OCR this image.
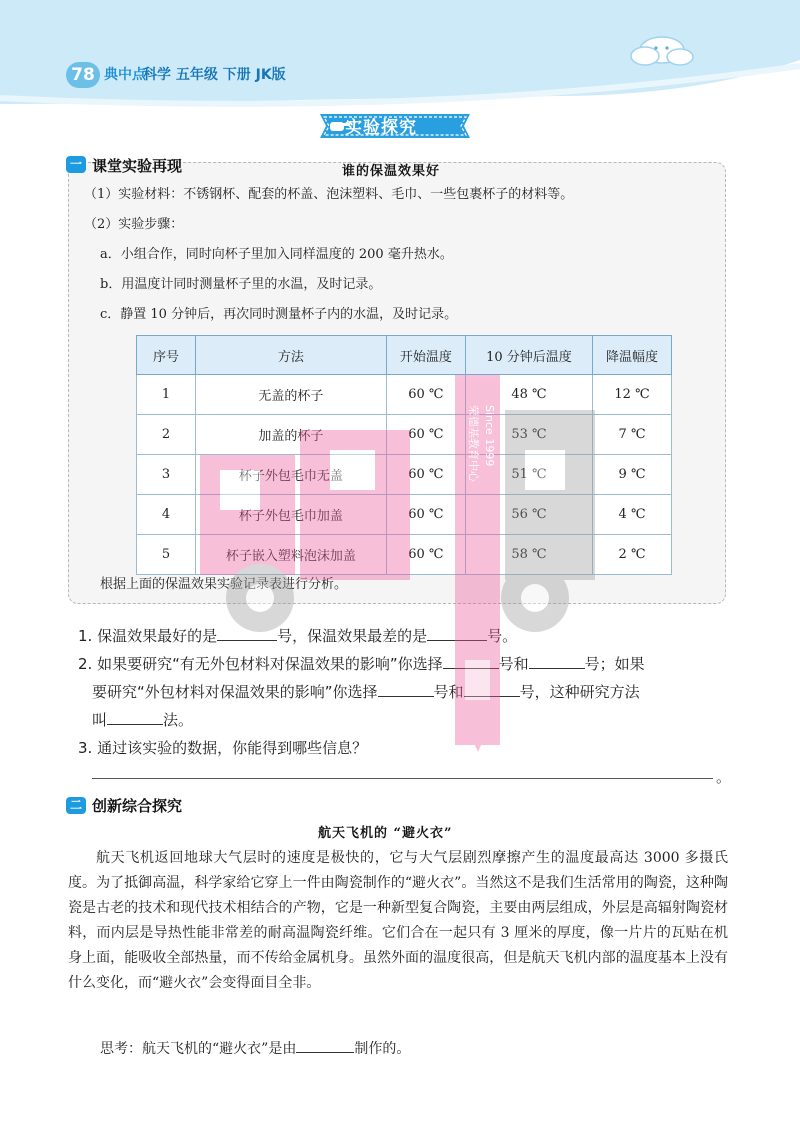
78 典中点
科学 五年级 下册 JK版
实验探究
一 课堂实验再现	谁的保温效果好
（1）实验材料：不锈钢杯、配套的杯盖、泡沫塑料、毛巾、一些包裹杯子的材料等。
（2）实验步骤：
a．小组合作，同时向杯子里加入同样温度的 200 毫升热水。
b．用温度计同时测量杯子里的水温，及时记录。
c．静置 10 分钟后，再次同时测量杯子内的水温，及时记录。
序号	方法	开始温度	10 分钟后温度	降温幅度
1	无盖的杯子	60 ℃	48 ℃	12 ℃
2	加盖的杯子	60 ℃	53 ℃	7 ℃
3	杯子外包毛巾无盖	60 ℃	51 ℃	9 ℃
4	杯子外包毛巾加盖	60 ℃	56 ℃	4 ℃
5	杯子嵌入塑料泡沫加盖	60 ℃	58 ℃	2 ℃
根据上面的保温效果实验记录表进行分析。
1. 保温效果最好的是	号，保温效果最差的是	号。
2. 如果要研究“有无外包材料对保温效果的影响”你选择	号和	号；如果
要研究“外包材料对保温效果的影响”你选择	号和	号，这种研究方法
叫	法。
3. 通过该实验的数据，你能得到哪些信息？
。
二 创新综合探究
航天飞机的 “避火衣”
航天飞机返回地球大气层时的速度是极快的，它与大气层剧烈摩擦产生的温度最高达 3000 多摄氏度。为了抵御高温，科学家给它穿上一件由陶瓷制作的“避火衣”。当然这不是我们生活常用的陶瓷，这种陶瓷是古老的技术和现代技术相结合的产物，它是一种新型复合陶瓷，主要由两层组成，外层是高辐射陶瓷材料，而内层是导热性能非常差的耐高温陶瓷纤维。它们合在一起只有 3 厘米的厚度，像一片片的瓦贴在机身上面，能吸收全部热量，而不传给金属机身。虽然外面的温度很高，但是航天飞机内部的温度基本上没有什么变化，而“避火衣”会变得面目全非。
思考：航天飞机的“避火衣”是由	制作的。
Since 1999
荣德基教育中心
